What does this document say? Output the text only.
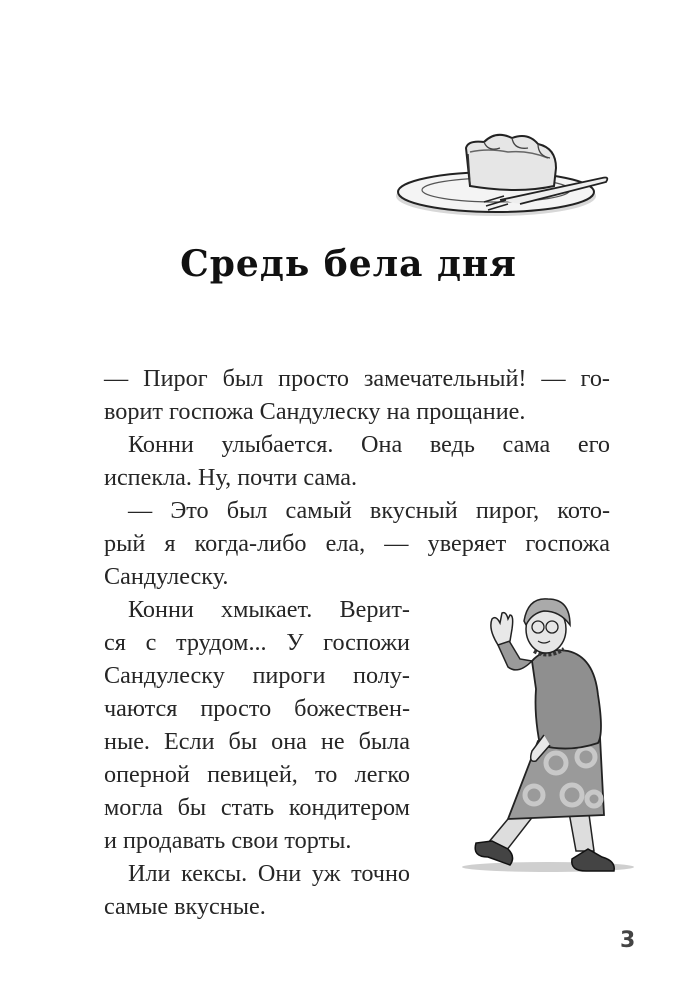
Средь бела дня
— Пирог был просто замечательный! — го-
ворит госпожа Сандулеску на прощание.
Конни улыбается. Она ведь сама его
испекла. Ну, почти сама.
— Это был самый вкусный пирог, кото-
рый я когда-либо ела, — уверяет госпожа
Сандулеску.
Конни хмыкает. Верит-
ся с трудом... У госпожи
Сандулеску пироги полу-
чаются просто божествен-
ные. Если бы она не была
оперной певицей, то легко
могла бы стать кондитером
и продавать свои торты.
Или кексы. Они уж точно
самые вкусные.
3
